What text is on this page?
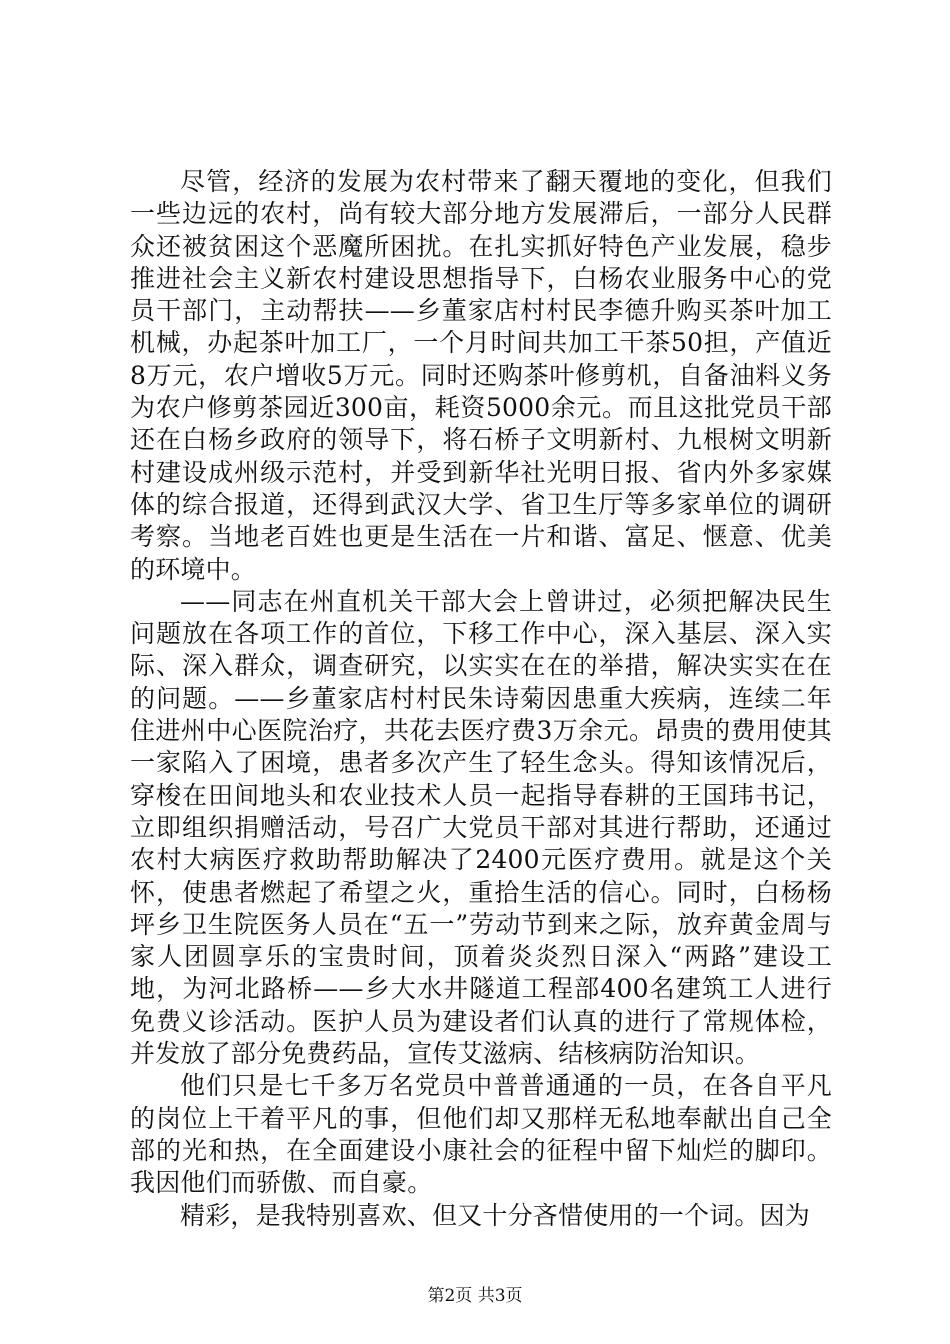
尽管，经济的发展为农村带来了翻天覆地的变化，但我们一些边远的农村，尚有较大部分地方发展滞后，一部分人民群众还被贫困这个恶魔所困扰。在扎实抓好特色产业发展，稳步推进社会主义新农村建设思想指导下，白杨农业服务中心的党员干部门，主动帮扶——乡董家店村村民李德升购买茶叶加工机械，办起茶叶加工厂，一个月时间共加工干茶50担，产值近8万元，农户增收5万元。同时还购茶叶修剪机，自备油料义务为农户修剪茶园近300亩，耗资5000余元。而且这批党员干部还在白杨乡政府的领导下，将石桥子文明新村、九根树文明新村建设成州级示范村，并受到新华社光明日报、省内外多家媒体的综合报道，还得到武汉大学、省卫生厅等多家单位的调研考察。当地老百姓也更是生活在一片和谐、富足、惬意、优美的环境中。

——同志在州直机关干部大会上曾讲过，必须把解决民生问题放在各项工作的首位，下移工作中心，深入基层、深入实际、深入群众，调查研究，以实实在在的举措，解决实实在在的问题。——乡董家店村村民朱诗菊因患重大疾病，连续二年住进州中心医院治疗，共花去医疗费3万余元。昂贵的费用使其一家陷入了困境，患者多次产生了轻生念头。得知该情况后，穿梭在田间地头和农业技术人员一起指导春耕的王国玮书记，立即组织捐赠活动，号召广大党员干部对其进行帮助，还通过农村大病医疗救助帮助解决了2400元医疗费用。就是这个关怀，使患者燃起了希望之火，重拾生活的信心。同时，白杨杨坪乡卫生院医务人员在“五一”劳动节到来之际，放弃黄金周与家人团圆享乐的宝贵时间，顶着炎炎烈日深入“两路”建设工地，为河北路桥——乡大水井隧道工程部400名建筑工人进行免费义诊活动。医护人员为建设者们认真的进行了常规体检，并发放了部分免费药品，宣传艾滋病、结核病防治知识。

他们只是七千多万名党员中普普通通的一员，在各自平凡的岗位上干着平凡的事，但他们却又那样无私地奉献出自己全部的光和热，在全面建设小康社会的征程中留下灿烂的脚印。我因他们而骄傲、而自豪。

精彩，是我特别喜欢、但又十分吝惜使用的一个词。因为

第2页 共3页
